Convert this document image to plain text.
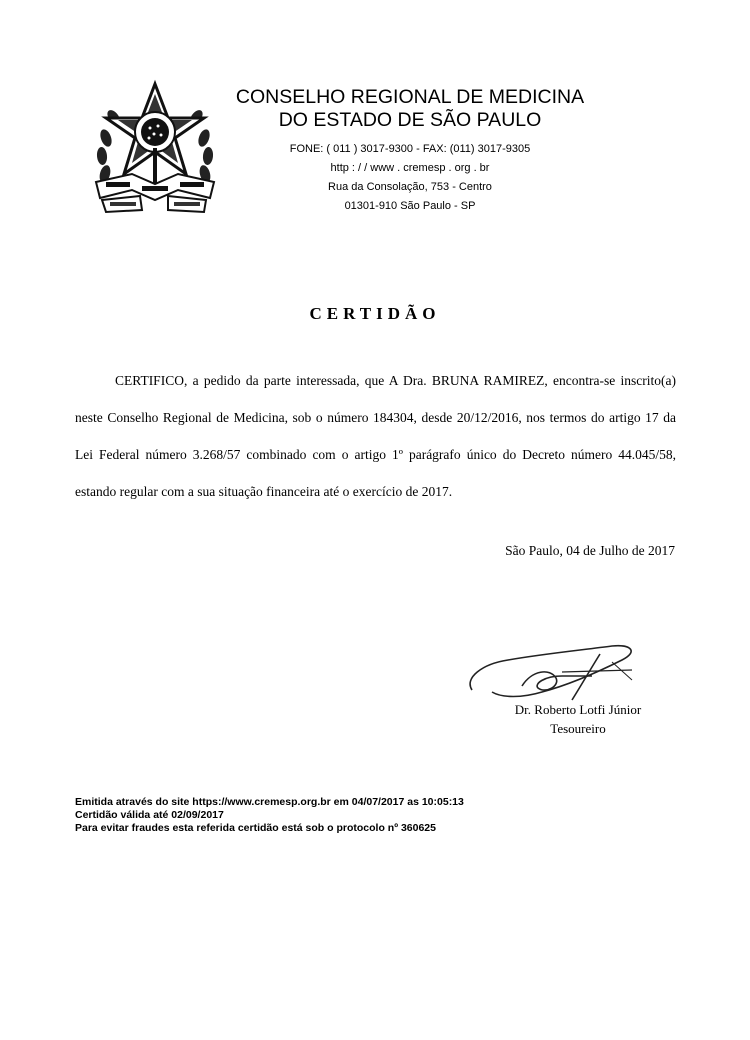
CONSELHO REGIONAL DE MEDICINA
DO ESTADO DE SÃO PAULO
FONE: ( 011 ) 3017-9300 - FAX: (011) 3017-9305
http : / / www . cremesp . org . br
Rua da Consolação, 753 - Centro
01301-910 São Paulo - SP
CERTIDÃO

CERTIFICO, a pedido da parte interessada, que A Dra. BRUNA RAMIREZ, encontra-se inscrito(a) neste Conselho Regional de Medicina, sob o número 184304, desde 20/12/2016, nos termos do artigo 17 da Lei Federal número 3.268/57 combinado com o artigo 1º parágrafo único do Decreto número 44.045/58, estando regular com a sua situação financeira até o exercício de 2017.

São Paulo, 04 de Julho de 2017
Dr. Roberto Lotfi Júnior
Tesoureiro
Emitida através do site https://www.cremesp.org.br em 04/07/2017 as 10:05:13
Certidão válida até 02/09/2017
Para evitar fraudes esta referida certidão está sob o protocolo nº 360625
